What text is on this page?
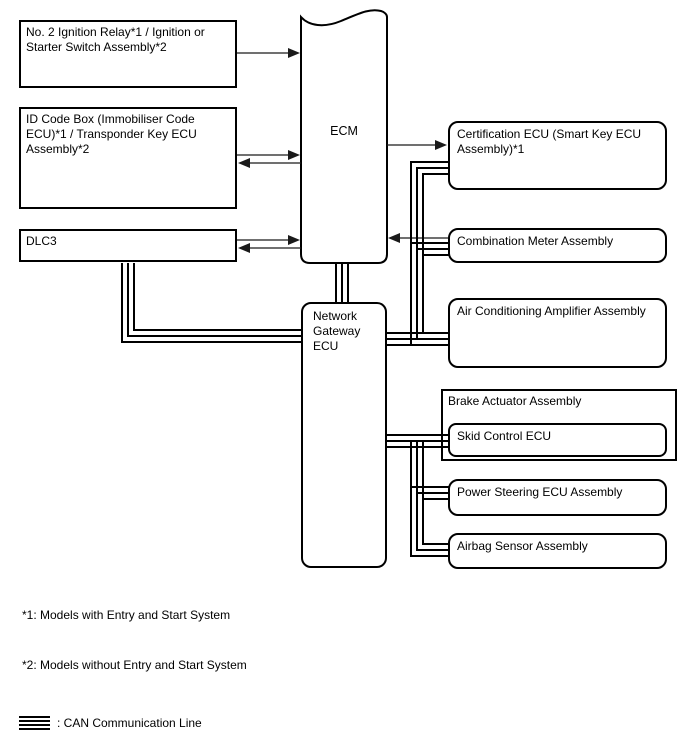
ECM
No. 2 Ignition Relay*1 / Ignition or Starter Switch Assembly*2
ID Code Box (Immobiliser Code ECU)*1 / Transponder Key ECU Assembly*2
DLC3
Network Gateway ECU
Certification ECU (Smart Key ECU Assembly)*1
Combination Meter Assembly
Air Conditioning Amplifier Assembly
Brake Actuator Assembly
Skid Control ECU
Power Steering ECU Assembly
Airbag Sensor Assembly
*1: Models with Entry and Start System
*2: Models without Entry and Start System
: CAN Communication Line
